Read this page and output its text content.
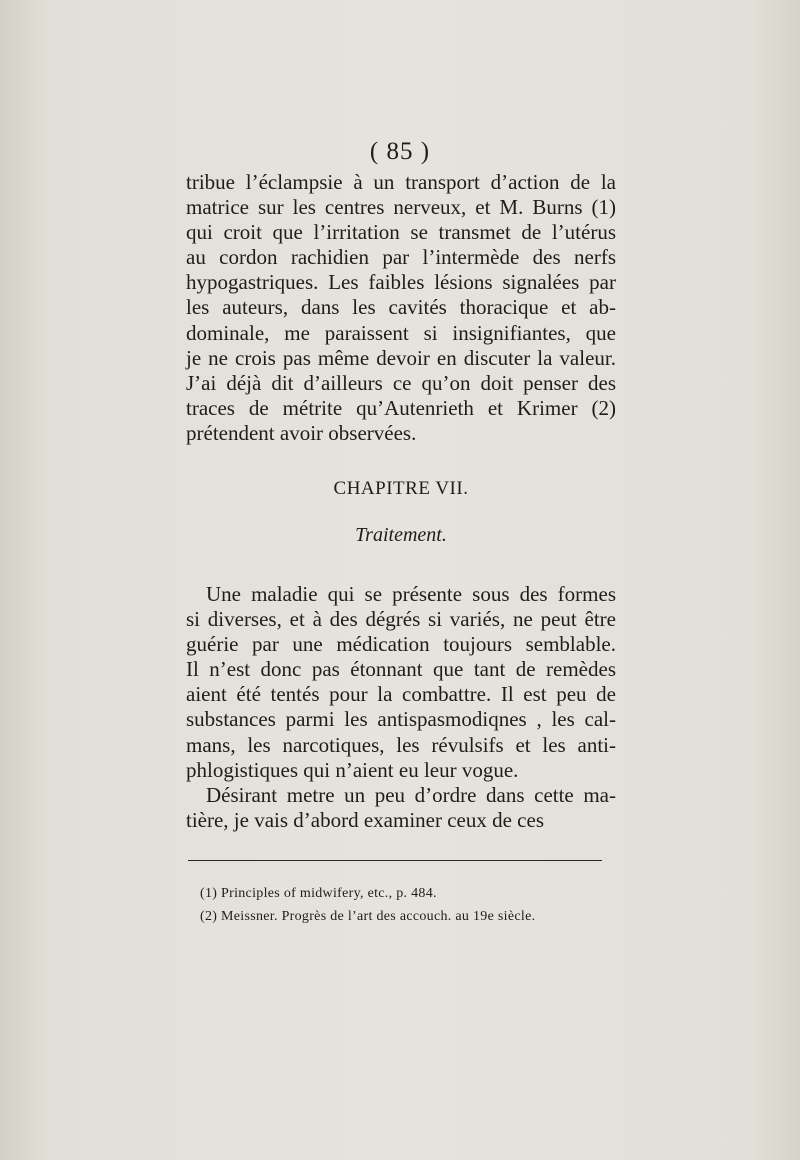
( 85 )

tribue l’éclampsie à un transport d’action de la
matrice sur les centres nerveux, et M. Burns (1)
qui croit que l’irritation se transmet de l’utérus
au cordon rachidien par l’intermède des nerfs
hypogastriques. Les faibles lésions signalées par
les auteurs, dans les cavités thoracique et ab-
dominale, me paraissent si insignifiantes, que
je ne crois pas même devoir en discuter la valeur.
J’ai déjà dit d’ailleurs ce qu’on doit penser des
traces de métrite qu’Autenrieth et Krimer (2)
prétendent avoir observées.

CHAPITRE VII.
Traitement.

Une maladie qui se présente sous des formes
si diverses, et à des dégrés si variés, ne peut être
guérie par une médication toujours semblable.
Il n’est donc pas étonnant que tant de remèdes
aient été tentés pour la combattre. Il est peu de
substances parmi les antispasmodiqnes , les cal-
mans, les narcotiques, les révulsifs et les anti-
phlogistiques qui n’aient eu leur vogue.

Désirant metre un peu d’ordre dans cette ma-
tière, je vais d’abord examiner ceux de ces

(1) Principles of midwifery, etc., p. 484.

(2) Meissner. Progrès de l’art des accouch. au 19e siècle.
